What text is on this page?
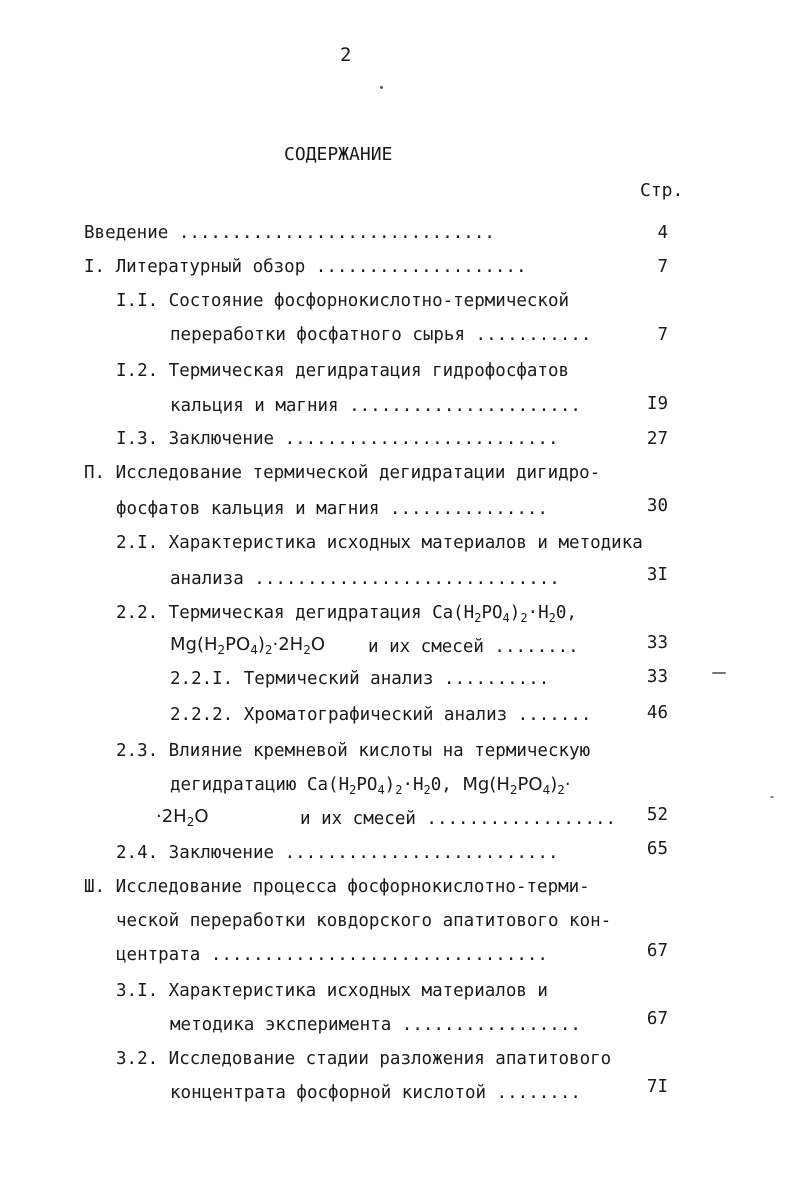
2
СОДЕРЖАНИЕ
Стр.
Введение ..............................	4
I. Литературный обзор ....................	7
I.I. Состояние фосфорнокислотно-термической
переработки фосфатного сырья ...........	7
I.2. Термическая дегидратация гидрофосфатов
кальция и магния ......................	I9
I.3. Заключение ..........................	27
П. Исследование термической дегидратации дигидро-
фосфатов кальция и магния ...............	30
2.I. Характеристика исходных материалов и методика
анализа .............................	3I
2.2. Термическая дегидратация $Ca(H_2PO_4)_2\cdot H_20$,
$Mg(H_2PO_4)_2\cdot 2H_2O$ и их смесей ........	33
2.2.I. Термический анализ ..........	33
2.2.2. Хроматографический анализ .......	46
2.3. Влияние кремневой кислоты на термическую
дегидратацию $Ca(H_2PO_4)_2\cdot H_20$, $Mg(H_2PO_4)_2\cdot$
$\cdot 2H_2O$	и их смесей ..................	52
2.4. Заключение ..........................	65
Ш. Исследование процесса фосфорнокислотно-терми-
ческой переработки ковдорского апатитового кон-
центрата ................................	67
3.I. Характеристика исходных материалов и
методика эксперимента .................	67
3.2. Исследование стадии разложения апатитового
концентрата фосфорной кислотой ........	7I
